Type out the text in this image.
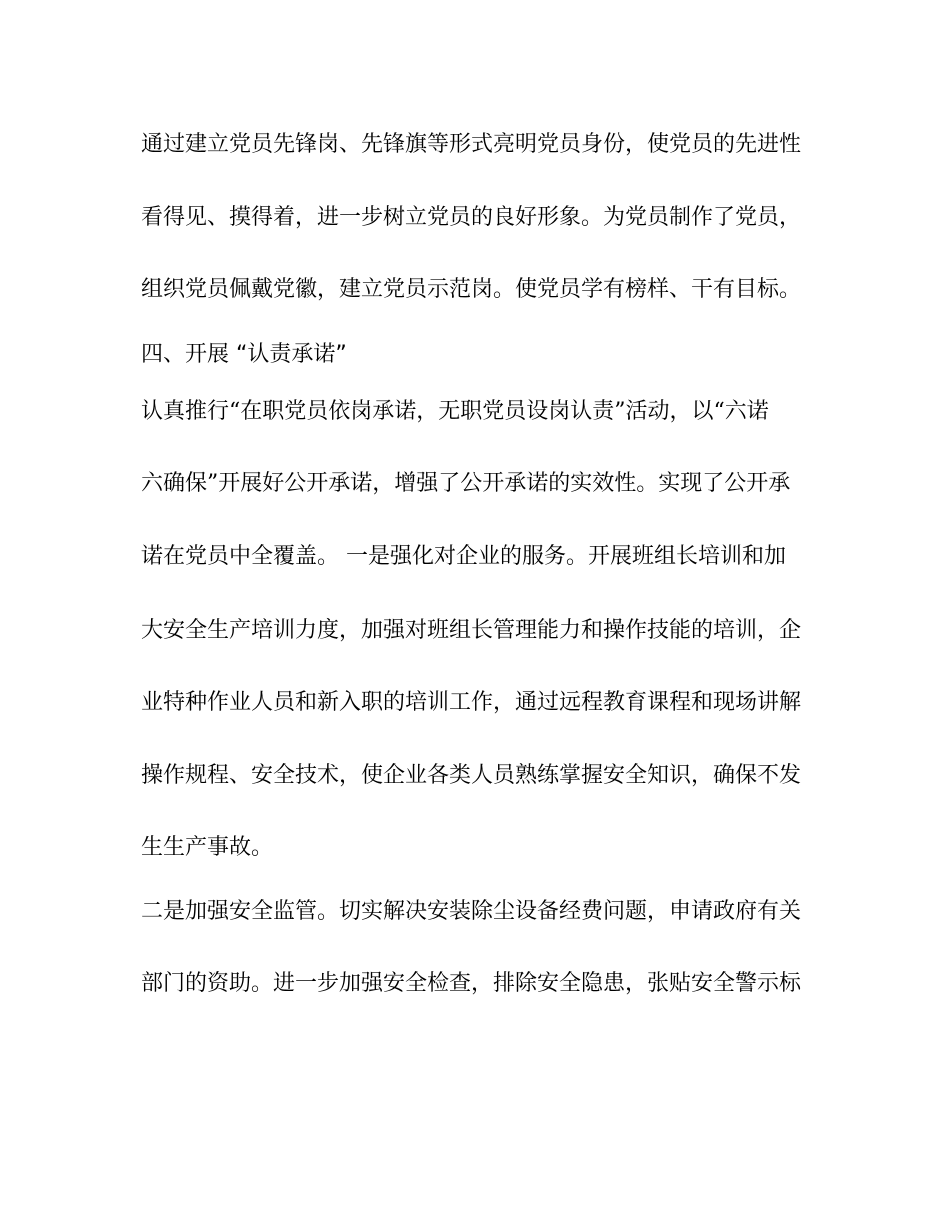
通过建立党员先锋岗、先锋旗等形式亮明党员身份，使党员的先进性
看得见、摸得着，进一步树立党员的良好形象。为党员制作了党员，
组织党员佩戴党徽，建立党员示范岗。使党员学有榜样、干有目标。
四、开展 “认责承诺”
认真推行“在职党员依岗承诺，无职党员设岗认责”活动，以“六诺
六确保”开展好公开承诺，增强了公开承诺的实效性。实现了公开承
诺在党员中全覆盖。 一是强化对企业的服务。开展班组长培训和加
大安全生产培训力度，加强对班组长管理能力和操作技能的培训，企
业特种作业人员和新入职的培训工作，通过远程教育课程和现场讲解
操作规程、安全技术，使企业各类人员熟练掌握安全知识，确保不发
生生产事故。
二是加强安全监管。切实解决安装除尘设备经费问题，申请政府有关
部门的资助。进一步加强安全检查，排除安全隐患，张贴安全警示标
